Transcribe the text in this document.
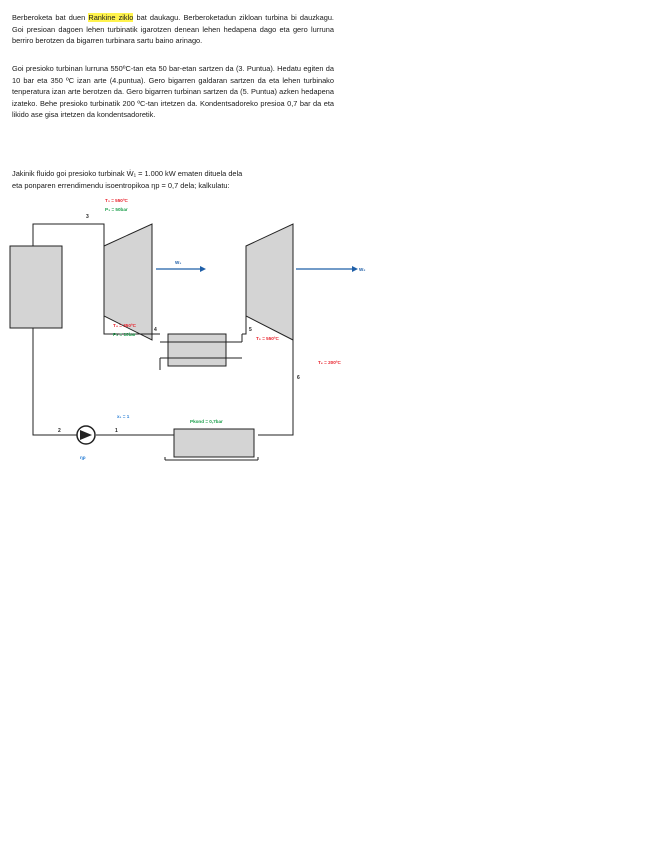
Berberoketa bat duen Rankine ziklo bat daukagu. Berberoketadun zikloan turbina bi dauzkagu. Goi presioan dagoen lehen turbinatik igarotzen denean lehen hedapena dago eta gero lurruna berriro berotzen da bigarren turbinara sartu baino arinago.

Goi presioko turbinan lurruna 550ºC-tan eta 50 bar-etan sartzen da (3. Puntua). Hedatu egiten da 10 bar eta 350 ºC izan arte (4.puntua). Gero bigarren galdaran sartzen da eta lehen turbinako tenperatura izan arte berotzen da. Gero bigarren turbinan sartzen da (5. Puntua) azken hedapena izateko. Behe presioko turbinatik 200 ºC-tan irtetzen da. Kondentsadoreko presioa 0,7 bar da eta likido ase gisa irtetzen da kondentsadoretik.

Jakinik fluido goi presioko turbinak Ẇ₁ = 1.000 kW ematen dituela dela
eta ponparen errendimendu isoentropikoa ηp = 0,7 dela; kalkulatu:

W₁
W₂
T₃ = 550ºC
P₃ = 50bar
T₄ = 350ºC
P₄ = 10bar
T₅ = 550ºC
T₆ = 200ºC
x₁ = 1
Pkond = 0,7bar
ηp
3
4	5
6
2	1
